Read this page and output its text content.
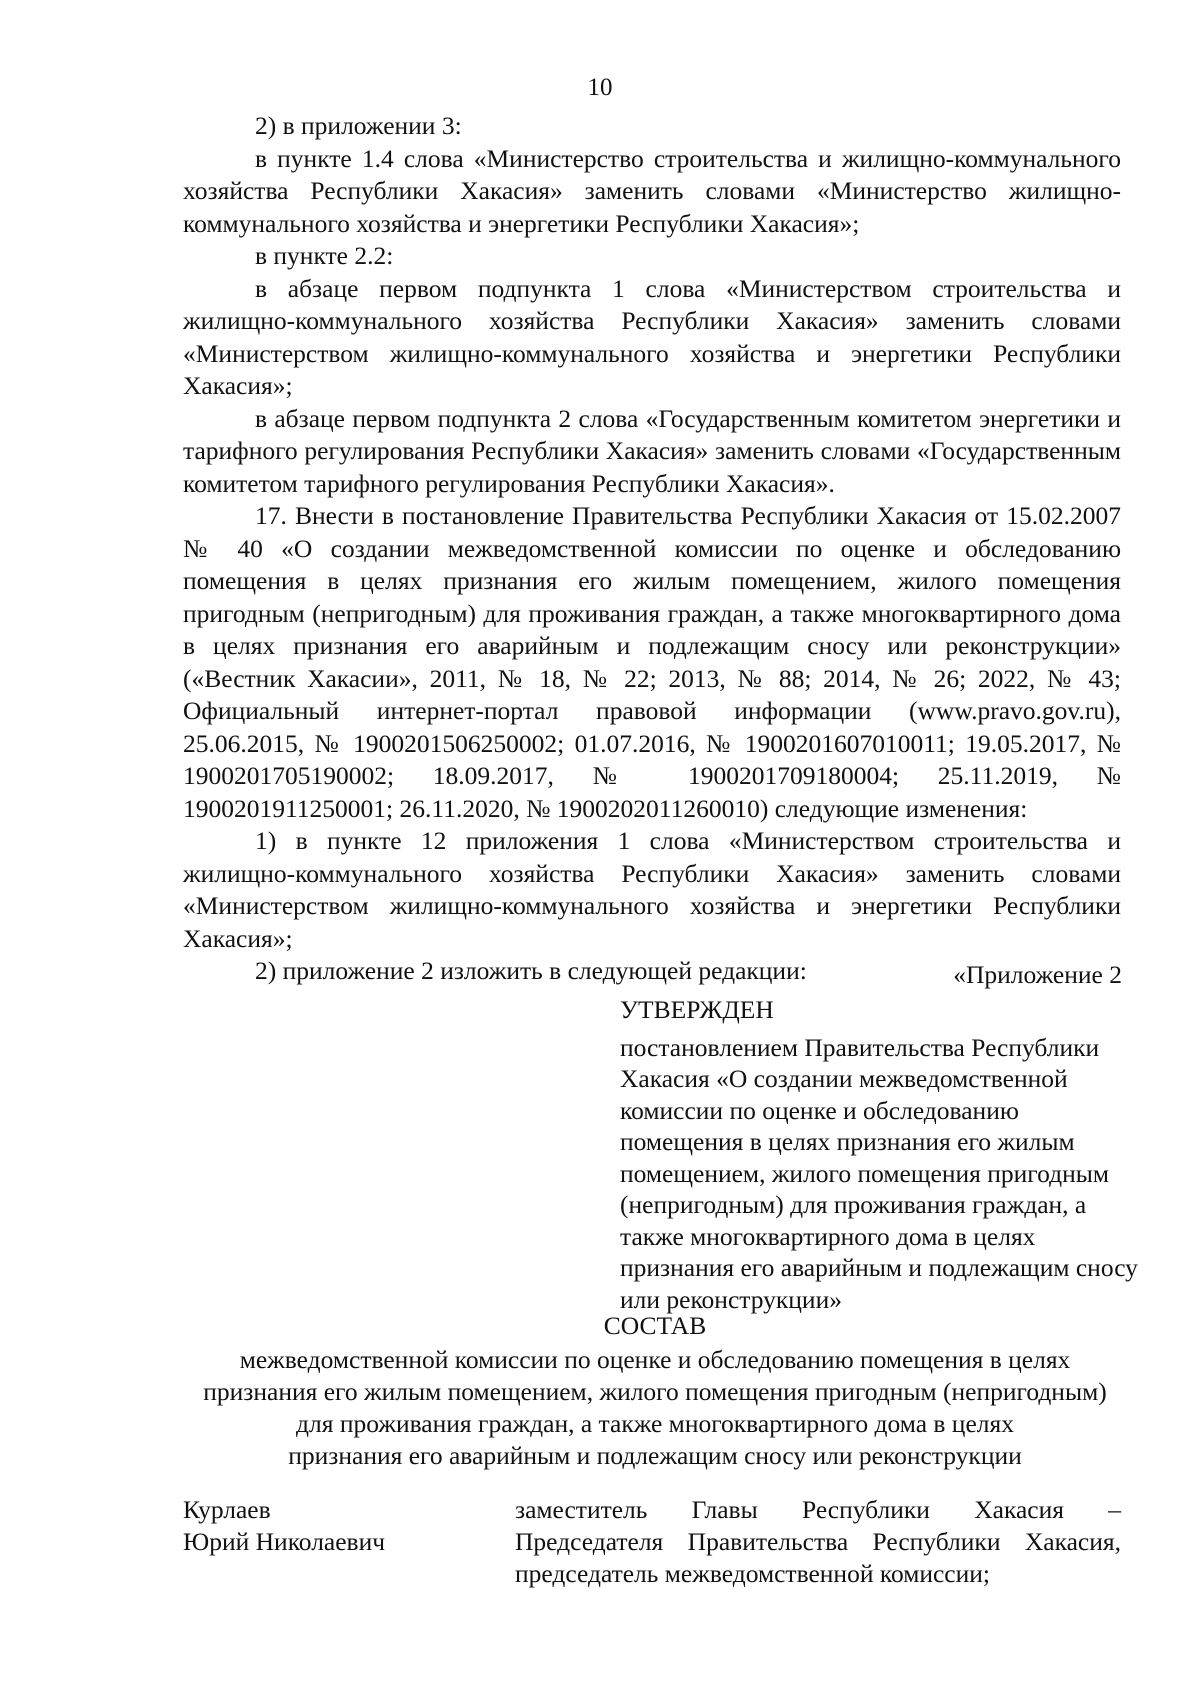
10

2) в приложении 3:

в пункте 1.4 слова «Министерство строительства и жилищно-коммунального хозяйства Республики Хакасия» заменить словами «Министерство жилищно-коммунального хозяйства и энергетики Республики Хакасия»;

в пункте 2.2:

в абзаце первом подпункта 1 слова «Министерством строительства и жилищно-коммунального хозяйства Республики Хакасия» заменить словами «Министерством жилищно-коммунального хозяйства и энергетики Республики Хакасия»;

в абзаце первом подпункта 2 слова «Государственным комитетом энергетики и тарифного регулирования Республики Хакасия» заменить словами «Государственным комитетом тарифного регулирования Республики Хакасия».

17. Внести в постановление Правительства Республики Хакасия от 15.02.2007 № 40 «О создании межведомственной комиссии по оценке и обследованию помещения в целях признания его жилым помещением, жилого помещения пригодным (непригодным) для проживания граждан, а также многоквартирного дома в целях признания его аварийным и подлежащим сносу или реконструкции» («Вестник Хакасии», 2011, № 18, № 22; 2013, № 88; 2014, № 26; 2022, № 43; Официальный интернет-портал правовой информации (www.pravo.gov.ru), 25.06.2015, № 1900201506250002; 01.07.2016, № 1900201607010011; 19.05.2017, № 1900201705190002; 18.09.2017, № 1900201709180004; 25.11.2019, № 1900201911250001; 26.11.2020, № 1900202011260010) следующие изменения:

1) в пункте 12 приложения 1 слова «Министерством строительства и жилищно-коммунального хозяйства Республики Хакасия» заменить словами «Министерством жилищно-коммунального хозяйства и энергетики Республики Хакасия»;

2) приложение 2 изложить в следующей редакции:	«Приложение 2
УТВЕРЖДЕН

постановлением Правительства Республики Хакасия «О создании межведомственной комиссии по оценке и обследованию помещения в целях признания его жилым помещением, жилого помещения пригодным (непригодным) для проживания граждан, а также многоквартирного дома в целях признания его аварийным и подлежащим сносу или реконструкции»

СОСТАВ
межведомственной комиссии по оценке и обследованию помещения в целях
признания его жилым помещением, жилого помещения пригодным (непригодным)
для проживания граждан, а также многоквартирного дома в целях
признания его аварийным и подлежащим сносу или реконструкции
Курлаев
Юрий Николаевич
заместитель Главы Республики Хакасия – Председателя Правительства Республики Хакасия, председатель межведомственной комиссии;
